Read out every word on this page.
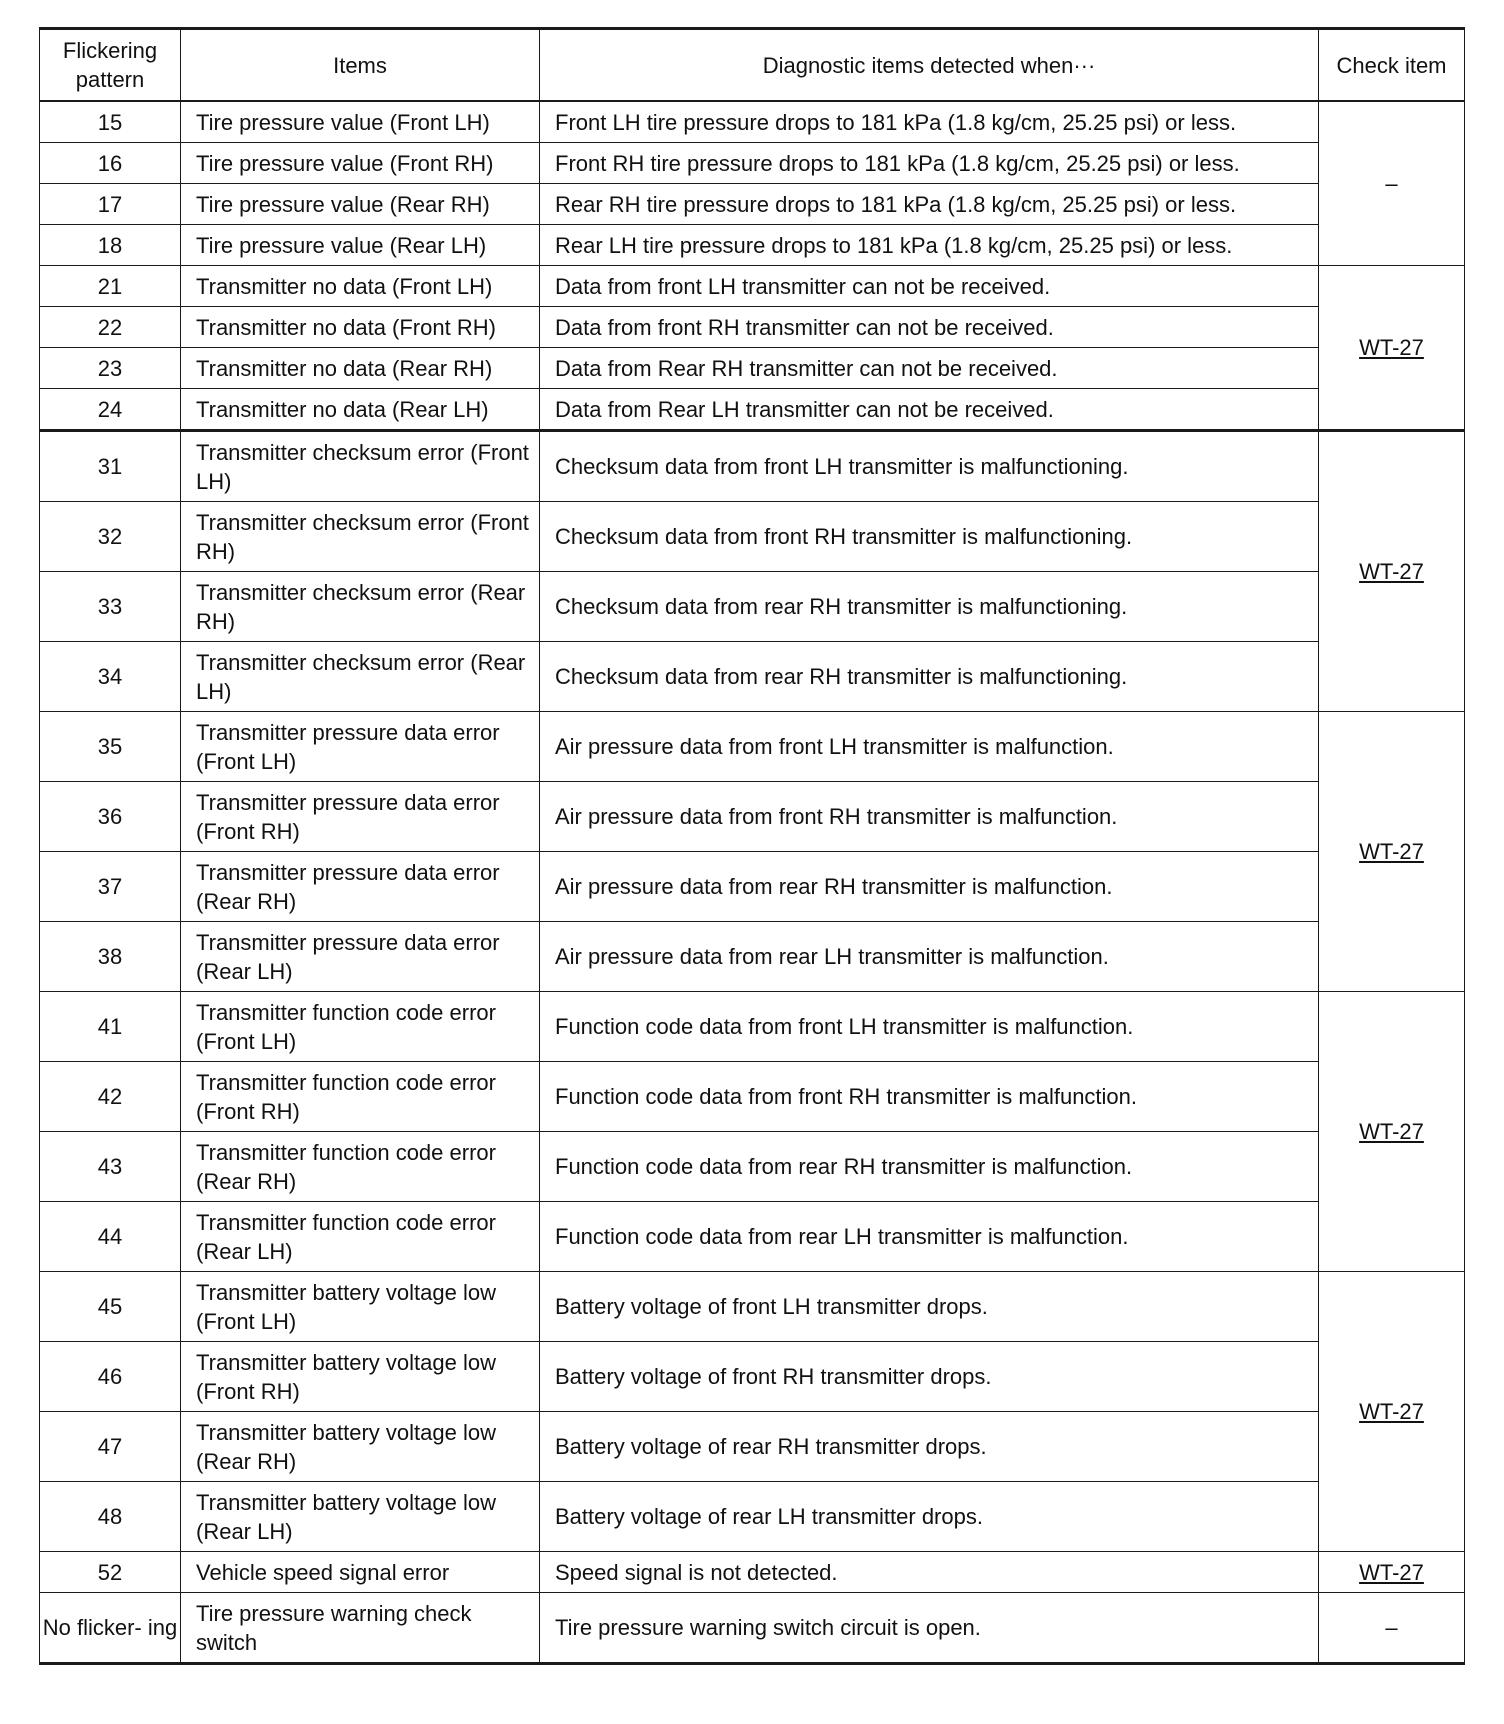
Flickering pattern	Items	Diagnostic items detected when···	Check item
15	Tire pressure value (Front LH)	Front LH tire pressure drops to 181 kPa (1.8 kg/cm, 25.25 psi) or less.	–
16	Tire pressure value (Front RH)	Front RH tire pressure drops to 181 kPa (1.8 kg/cm, 25.25 psi) or less.	
17	Tire pressure value (Rear RH)	Rear RH tire pressure drops to 181 kPa (1.8 kg/cm, 25.25 psi) or less.	
18	Tire pressure value (Rear LH)	Rear LH tire pressure drops to 181 kPa (1.8 kg/cm, 25.25 psi) or less.	
21	Transmitter no data (Front LH)	Data from front LH transmitter can not be received.	WT-27
22	Transmitter no data (Front RH)	Data from front RH transmitter can not be received.	
23	Transmitter no data (Rear RH)	Data from Rear RH transmitter can not be received.	
24	Transmitter no data (Rear LH)	Data from Rear LH transmitter can not be received.	
31	Transmitter checksum error (Front LH)	Checksum data from front LH transmitter is malfunctioning.	WT-27
32	Transmitter checksum error (Front RH)	Checksum data from front RH transmitter is malfunctioning.	
33	Transmitter checksum error (Rear RH)	Checksum data from rear RH transmitter is malfunctioning.	
34	Transmitter checksum error (Rear LH)	Checksum data from rear RH transmitter is malfunctioning.	
35	Transmitter pressure data error (Front LH)	Air pressure data from front LH transmitter is malfunction.	WT-27
36	Transmitter pressure data error (Front RH)	Air pressure data from front RH transmitter is malfunction.	
37	Transmitter pressure data error (Rear RH)	Air pressure data from rear RH transmitter is malfunction.	
38	Transmitter pressure data error (Rear LH)	Air pressure data from rear LH transmitter is malfunction.	
41	Transmitter function code error (Front LH)	Function code data from front LH transmitter is malfunction.	WT-27
42	Transmitter function code error (Front RH)	Function code data from front RH transmitter is malfunction.	
43	Transmitter function code error (Rear RH)	Function code data from rear RH transmitter is malfunction.	
44	Transmitter function code error (Rear LH)	Function code data from rear LH transmitter is malfunction.	
45	Transmitter battery voltage low (Front LH)	Battery voltage of front LH transmitter drops.	WT-27
46	Transmitter battery voltage low (Front RH)	Battery voltage of front RH transmitter drops.	
47	Transmitter battery voltage low (Rear RH)	Battery voltage of rear RH transmitter drops.	
48	Transmitter battery voltage low (Rear LH)	Battery voltage of rear LH transmitter drops.	
52	Vehicle speed signal error	Speed signal is not detected.	WT-27
No flicker- ing	Tire pressure warning check switch	Tire pressure warning switch circuit is open.	–
